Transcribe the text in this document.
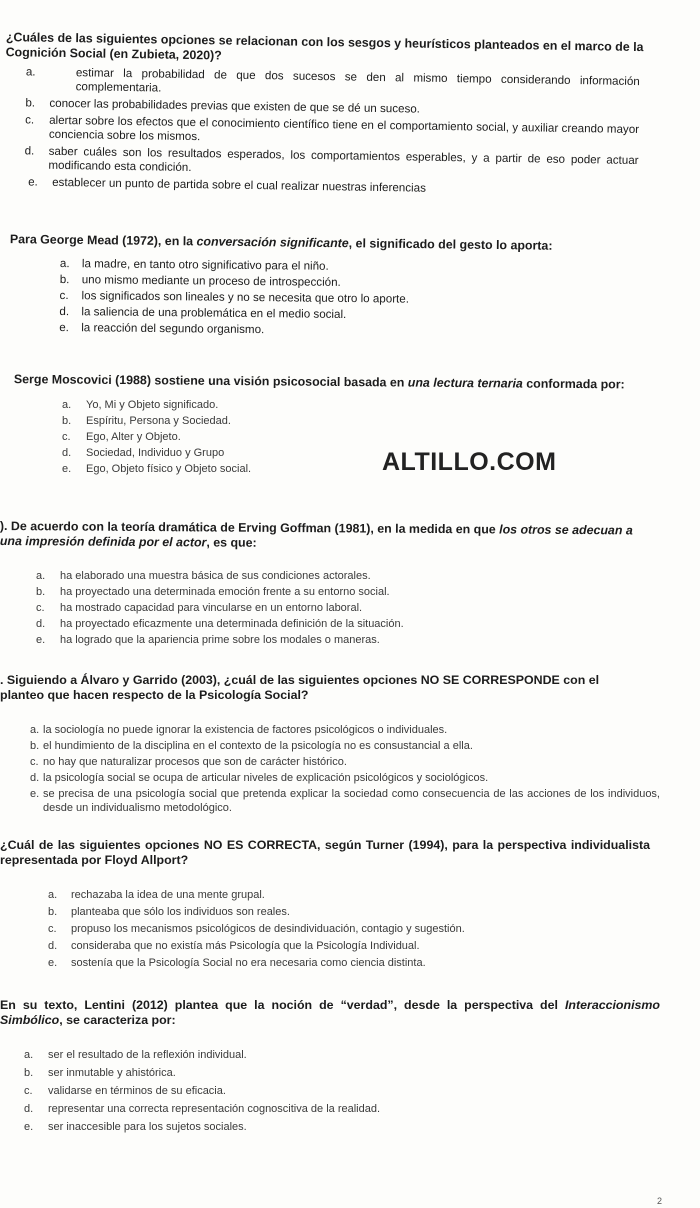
¿Cuáles de las siguientes opciones se relacionan con los sesgos y heurísticos planteados en el marco de la Cognición Social (en Zubieta, 2020)?

a.	estimar la probabilidad de que dos sucesos se den al mismo tiempo considerando información complementaria.
b. conocer las probabilidades previas que existen de que se dé un suceso.
c. alertar sobre los efectos que el conocimiento científico tiene en el comportamiento social, y auxiliar creando mayor conciencia sobre los mismos.
d. saber cuáles son los resultados esperados, los comportamientos esperables, y a partir de eso poder actuar modificando esta condición.
e. establecer un punto de partida sobre el cual realizar nuestras inferencias

Para George Mead (1972), en la conversación significante, el significado del gesto lo aporta:

a. la madre, en tanto otro significativo para el niño.
b. uno mismo mediante un proceso de introspección.
c. los significados son lineales y no se necesita que otro lo aporte.
d. la saliencia de una problemática en el medio social.
e. la reacción del segundo organismo.

Serge Moscovici (1988) sostiene una visión psicosocial basada en una lectura ternaria conformada por:

a. Yo, Mi y Objeto significado.
b. Espíritu, Persona y Sociedad.
c. Ego, Alter y Objeto.
d. Sociedad, Individuo y Grupo
e. Ego, Objeto físico y Objeto social.

). De acuerdo con la teoría dramática de Erving Goffman (1981), en la medida en que los otros se adecuan a una impresión definida por el actor, es que:

a. ha elaborado una muestra básica de sus condiciones actorales.
b. ha proyectado una determinada emoción frente a su entorno social.
c. ha mostrado capacidad para vincularse en un entorno laboral.
d. ha proyectado eficazmente una determinada definición de la situación.
e. ha logrado que la apariencia prime sobre los modales o maneras.

. Siguiendo a Álvaro y Garrido (2003), ¿cuál de las siguientes opciones NO SE CORRESPONDE con el planteo que hacen respecto de la Psicología Social?

a. la sociología no puede ignorar la existencia de factores psicológicos o individuales.
b. el hundimiento de la disciplina en el contexto de la psicología no es consustancial a ella.
c. no hay que naturalizar procesos que son de carácter histórico.
d. la psicología social se ocupa de articular niveles de explicación psicológicos y sociológicos.
e. se precisa de una psicología social que pretenda explicar la sociedad como consecuencia de las acciones de los individuos, desde un individualismo metodológico.

¿Cuál de las siguientes opciones NO ES CORRECTA, según Turner (1994), para la perspectiva individualista representada por Floyd Allport?

a. rechazaba la idea de una mente grupal.
b. planteaba que sólo los individuos son reales.
c. propuso los mecanismos psicológicos de desindividuación, contagio y sugestión.
d. consideraba que no existía más Psicología que la Psicología Individual.
e. sostenía que la Psicología Social no era necesaria como ciencia distinta.

En su texto, Lentini (2012) plantea que la noción de “verdad”, desde la perspectiva del Interaccionismo Simbólico, se caracteriza por:

a. ser el resultado de la reflexión individual.
b. ser inmutable y ahistórica.
c. validarse en términos de su eficacia.
d. representar una correcta representación cognoscitiva de la realidad.
e. ser inaccesible para los sujetos sociales.
ALTILLO.COM
2
